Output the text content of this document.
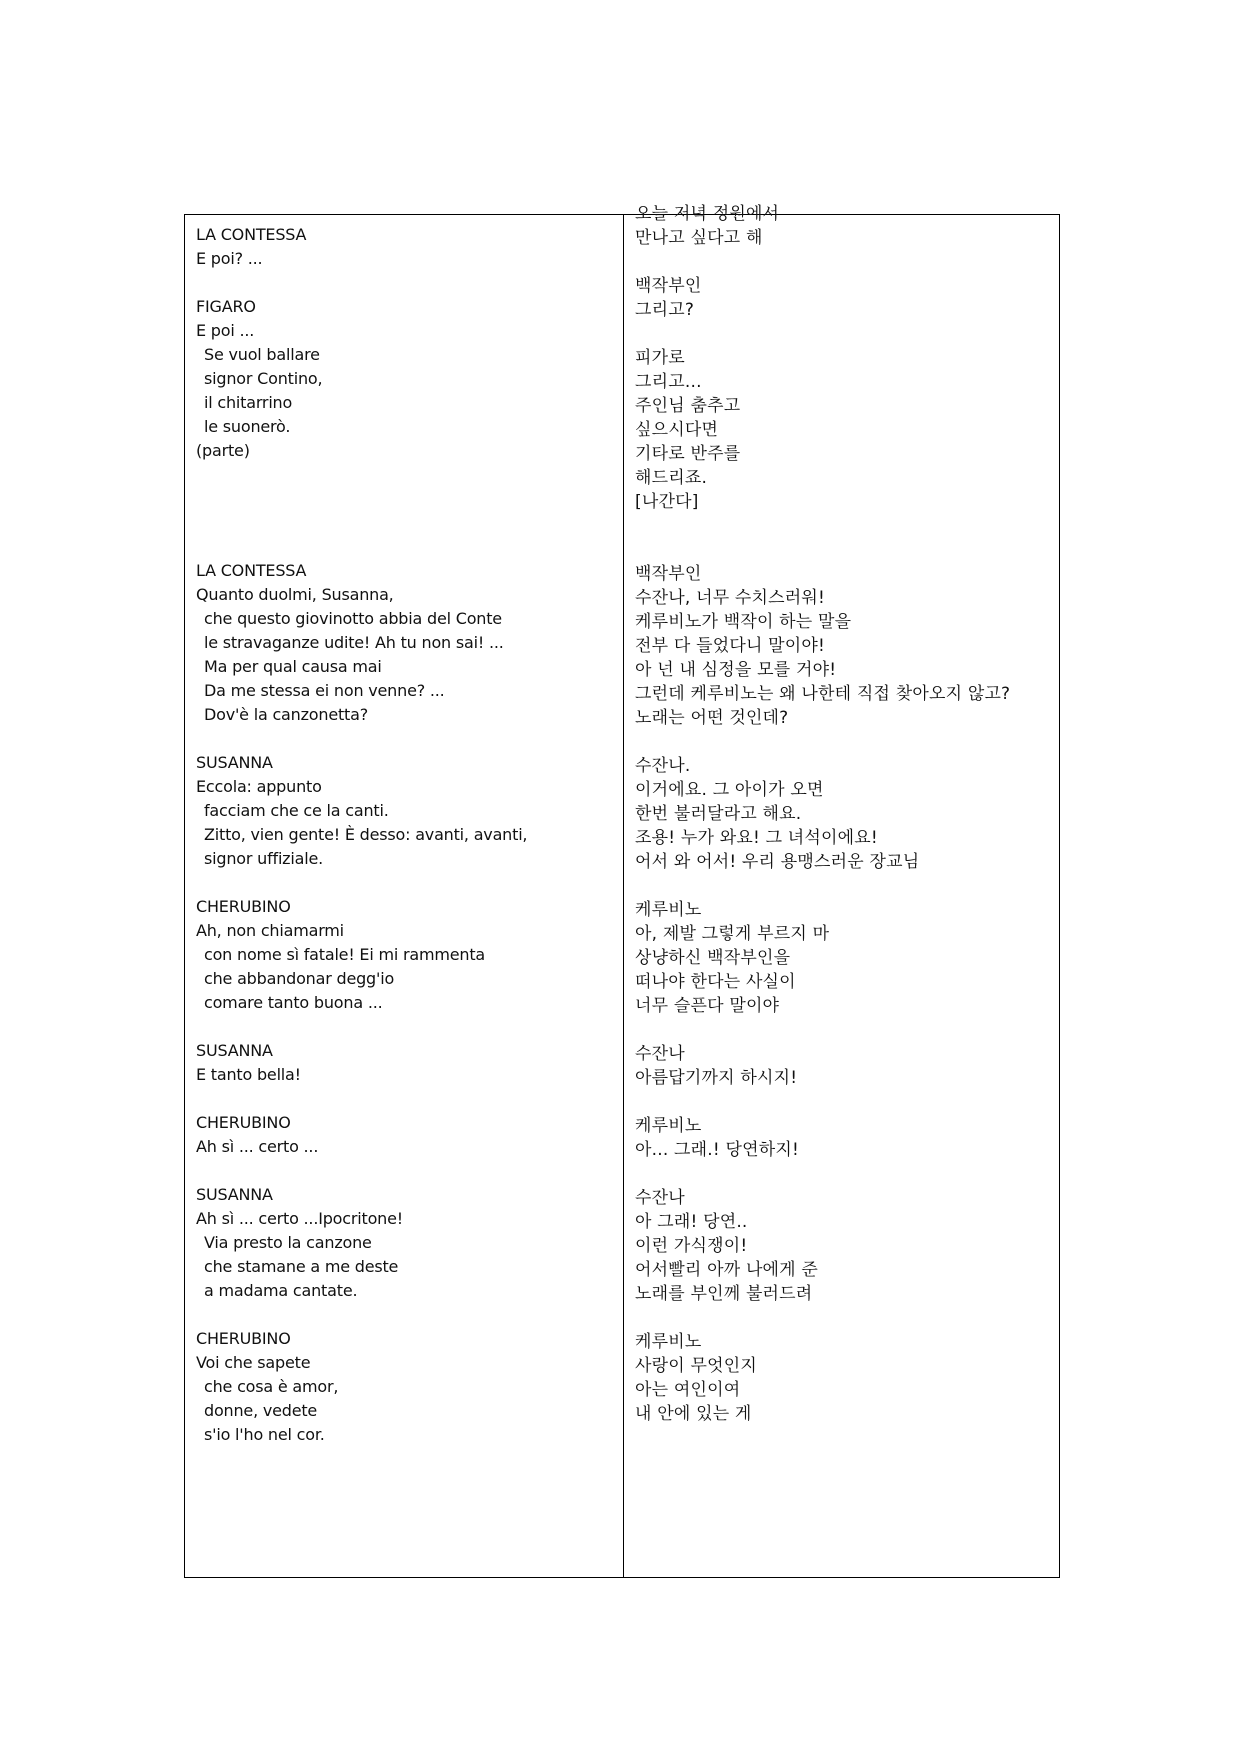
LA CONTESSA
E poi? ...
FIGARO
E poi ...
Se vuol ballare
signor Contino,
il chitarrino
le suonerò.
(parte)
LA CONTESSA
Quanto duolmi, Susanna,
che questo giovinotto abbia del Conte
le stravaganze udite! Ah tu non sai! ...
Ma per qual causa mai
Da me stessa ei non venne? ...
Dov'è la canzonetta?
SUSANNA
Eccola: appunto
facciam che ce la canti.
Zitto, vien gente! È desso: avanti, avanti,
signor uffiziale.
CHERUBINO
Ah, non chiamarmi
con nome sì fatale! Ei mi rammenta
che abbandonar degg'io
comare tanto buona ...
SUSANNA
E tanto bella!
CHERUBINO
Ah sì ... certo ...
SUSANNA
Ah sì ... certo ...Ipocritone!
Via presto la canzone
che stamane a me deste
a madama cantate.
CHERUBINO
Voi che sapete
che cosa è amor,
donne, vedete
s'io l'ho nel cor.
오늘 저녁 정원에서
만나고 싶다고 해
백작부인
그리고?
피가로
그리고...
주인님 춤추고
싶으시다면
기타로 반주를
해드리죠.
[나간다]
백작부인
수잔나, 너무 수치스러워!
케루비노가 백작이 하는 말을
전부 다 들었다니 말이야!
아 넌 내 심정을 모를 거야!
그런데 케루비노는 왜 나한테 직접 찾아오지 않고?
노래는 어떤 것인데?
수잔나.
이거에요. 그 아이가 오면
한번 불러달라고 해요.
조용! 누가 와요! 그 녀석이에요!
어서 와 어서! 우리 용맹스러운 장교님
케루비노
아, 제발 그렇게 부르지 마
상냥하신 백작부인을
떠나야 한다는 사실이
너무 슬픈다 말이야
수잔나
아름답기까지 하시지!
케루비노
아... 그래.! 당연하지!
수잔나
아 그래! 당연..
이런 가식쟁이!
어서빨리 아까 나에게 준
노래를 부인께 불러드려
케루비노
사랑이 무엇인지
아는 여인이여
내 안에 있는 게
